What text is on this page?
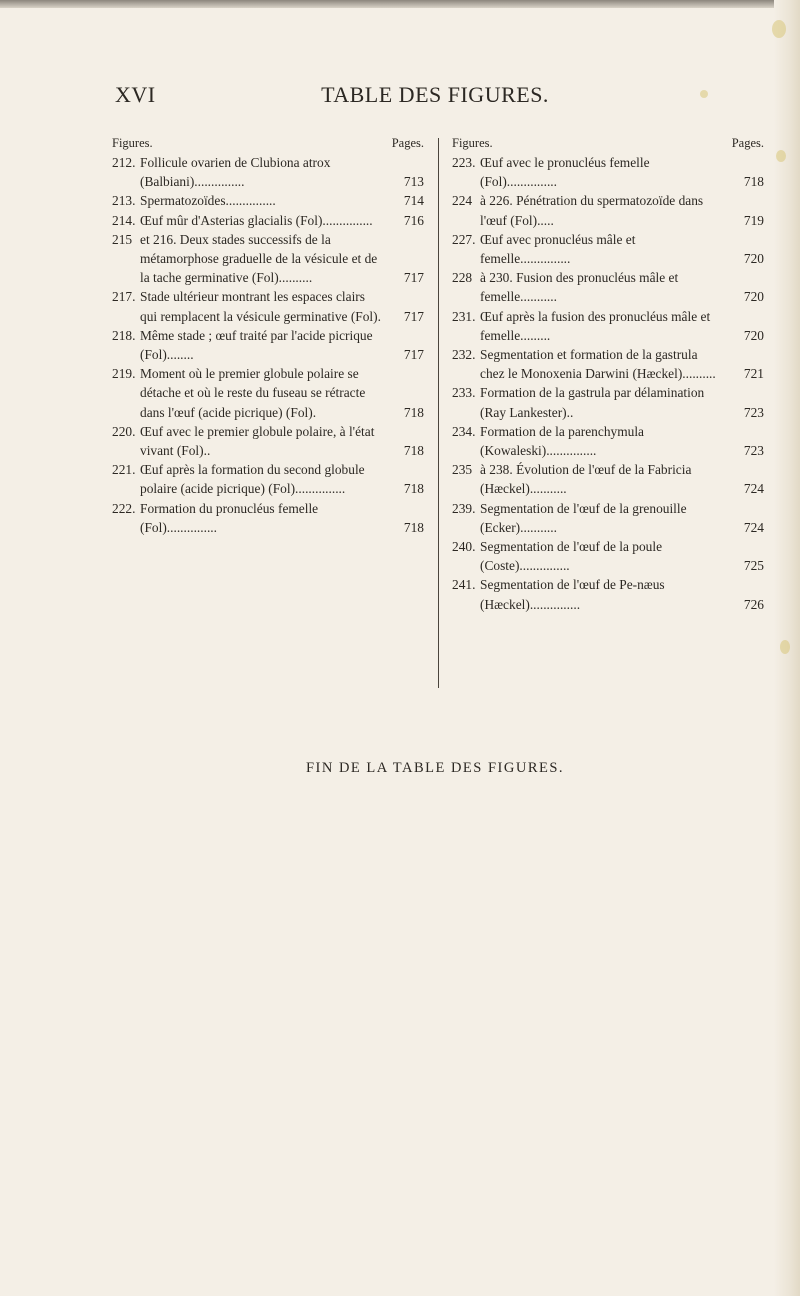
XVI	TABLE DES FIGURES.
Figures.	Pages.
212. Follicule ovarien de Clubiona atrox (Balbiani)...............	713
213. Spermatozoïdes...............	714
214. Œuf mûr d'Asterias glacialis (Fol)...............	716
215 et 216. Deux stades successifs de la métamorphose graduelle de la vésicule et de la tache germinative (Fol)..........	717
217. Stade ultérieur montrant les espaces clairs qui remplacent la vésicule germinative (Fol). 717
218. Même stade ; œuf traité par l'acide picrique (Fol)........	717
219. Moment où le premier globule polaire se détache et où le reste du fuseau se rétracte dans l'œuf (acide picrique) (Fol).	718
220. Œuf avec le premier globule polaire, à l'état vivant (Fol)..	718
221. Œuf après la formation du second globule polaire (acide picrique) (Fol)...............	718
222. Formation du pronucléus femelle (Fol)...............	718
Figures.	Pages.
223. Œuf avec le pronucléus femelle (Fol)...............	718
224 à 226. Pénétration du spermatozoïde dans l'œuf (Fol).....	719
227. Œuf avec pronucléus mâle et femelle...............	720
228 à 230. Fusion des pronucléus mâle et femelle...........	720
231. Œuf après la fusion des pronucléus mâle et femelle.........	720
232. Segmentation et formation de la gastrula chez le Monoxenia Darwini (Hæckel)..........	721
233. Formation de la gastrula par délamination (Ray Lankester)..	723
234. Formation de la parenchymula (Kowaleski)...............	723
235 à 238. Évolution de l'œuf de la Fabricia (Hæckel)...........	724
239. Segmentation de l'œuf de la grenouille (Ecker)...........	724
240. Segmentation de l'œuf de la poule (Coste)...............	725
241. Segmentation de l'œuf de Pe-næus (Hæckel)...............	726
FIN DE LA TABLE DES FIGURES.
